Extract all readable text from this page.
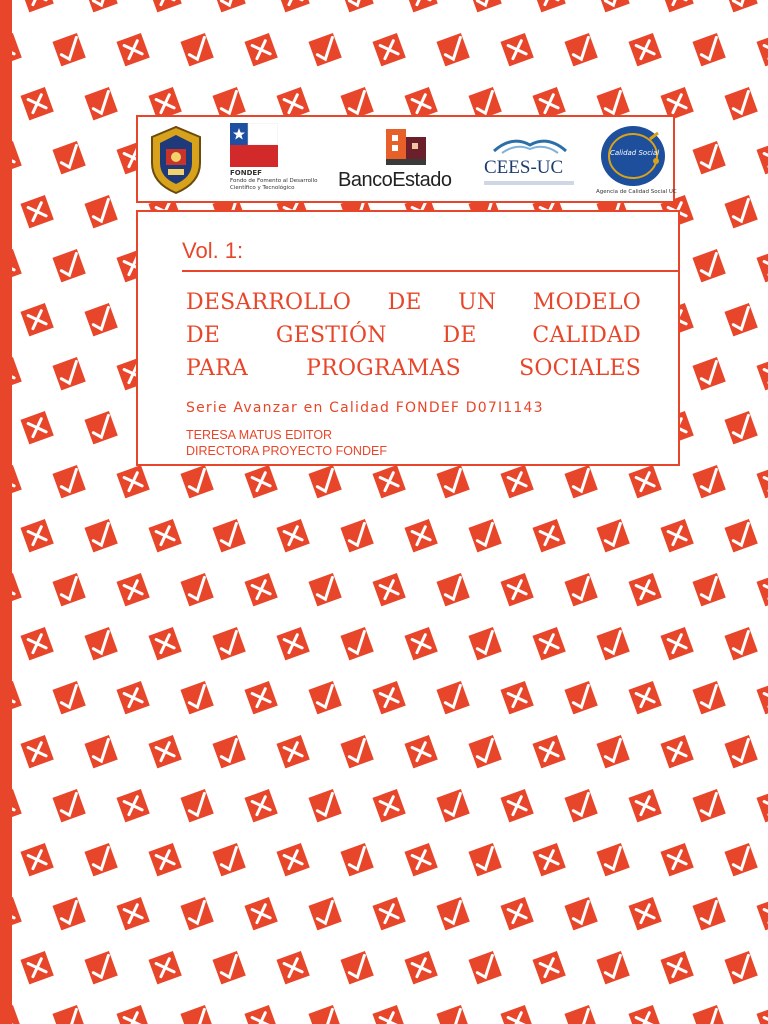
FONDEF
Fondo de Fomento al Desarrollo
Científico y Tecnológico BancoEstado
CEES-UC
Calidad Social
Agencia de Calidad Social UC
Vol. 1:
DESARROLLO DE UN MODELO
DE GESTIÓN DE CALIDAD
PARA PROGRAMAS SOCIALES
Serie Avanzar en Calidad FONDEF D07I1143
TERESA MATUS EDITOR
DIRECTORA PROYECTO FONDEF
